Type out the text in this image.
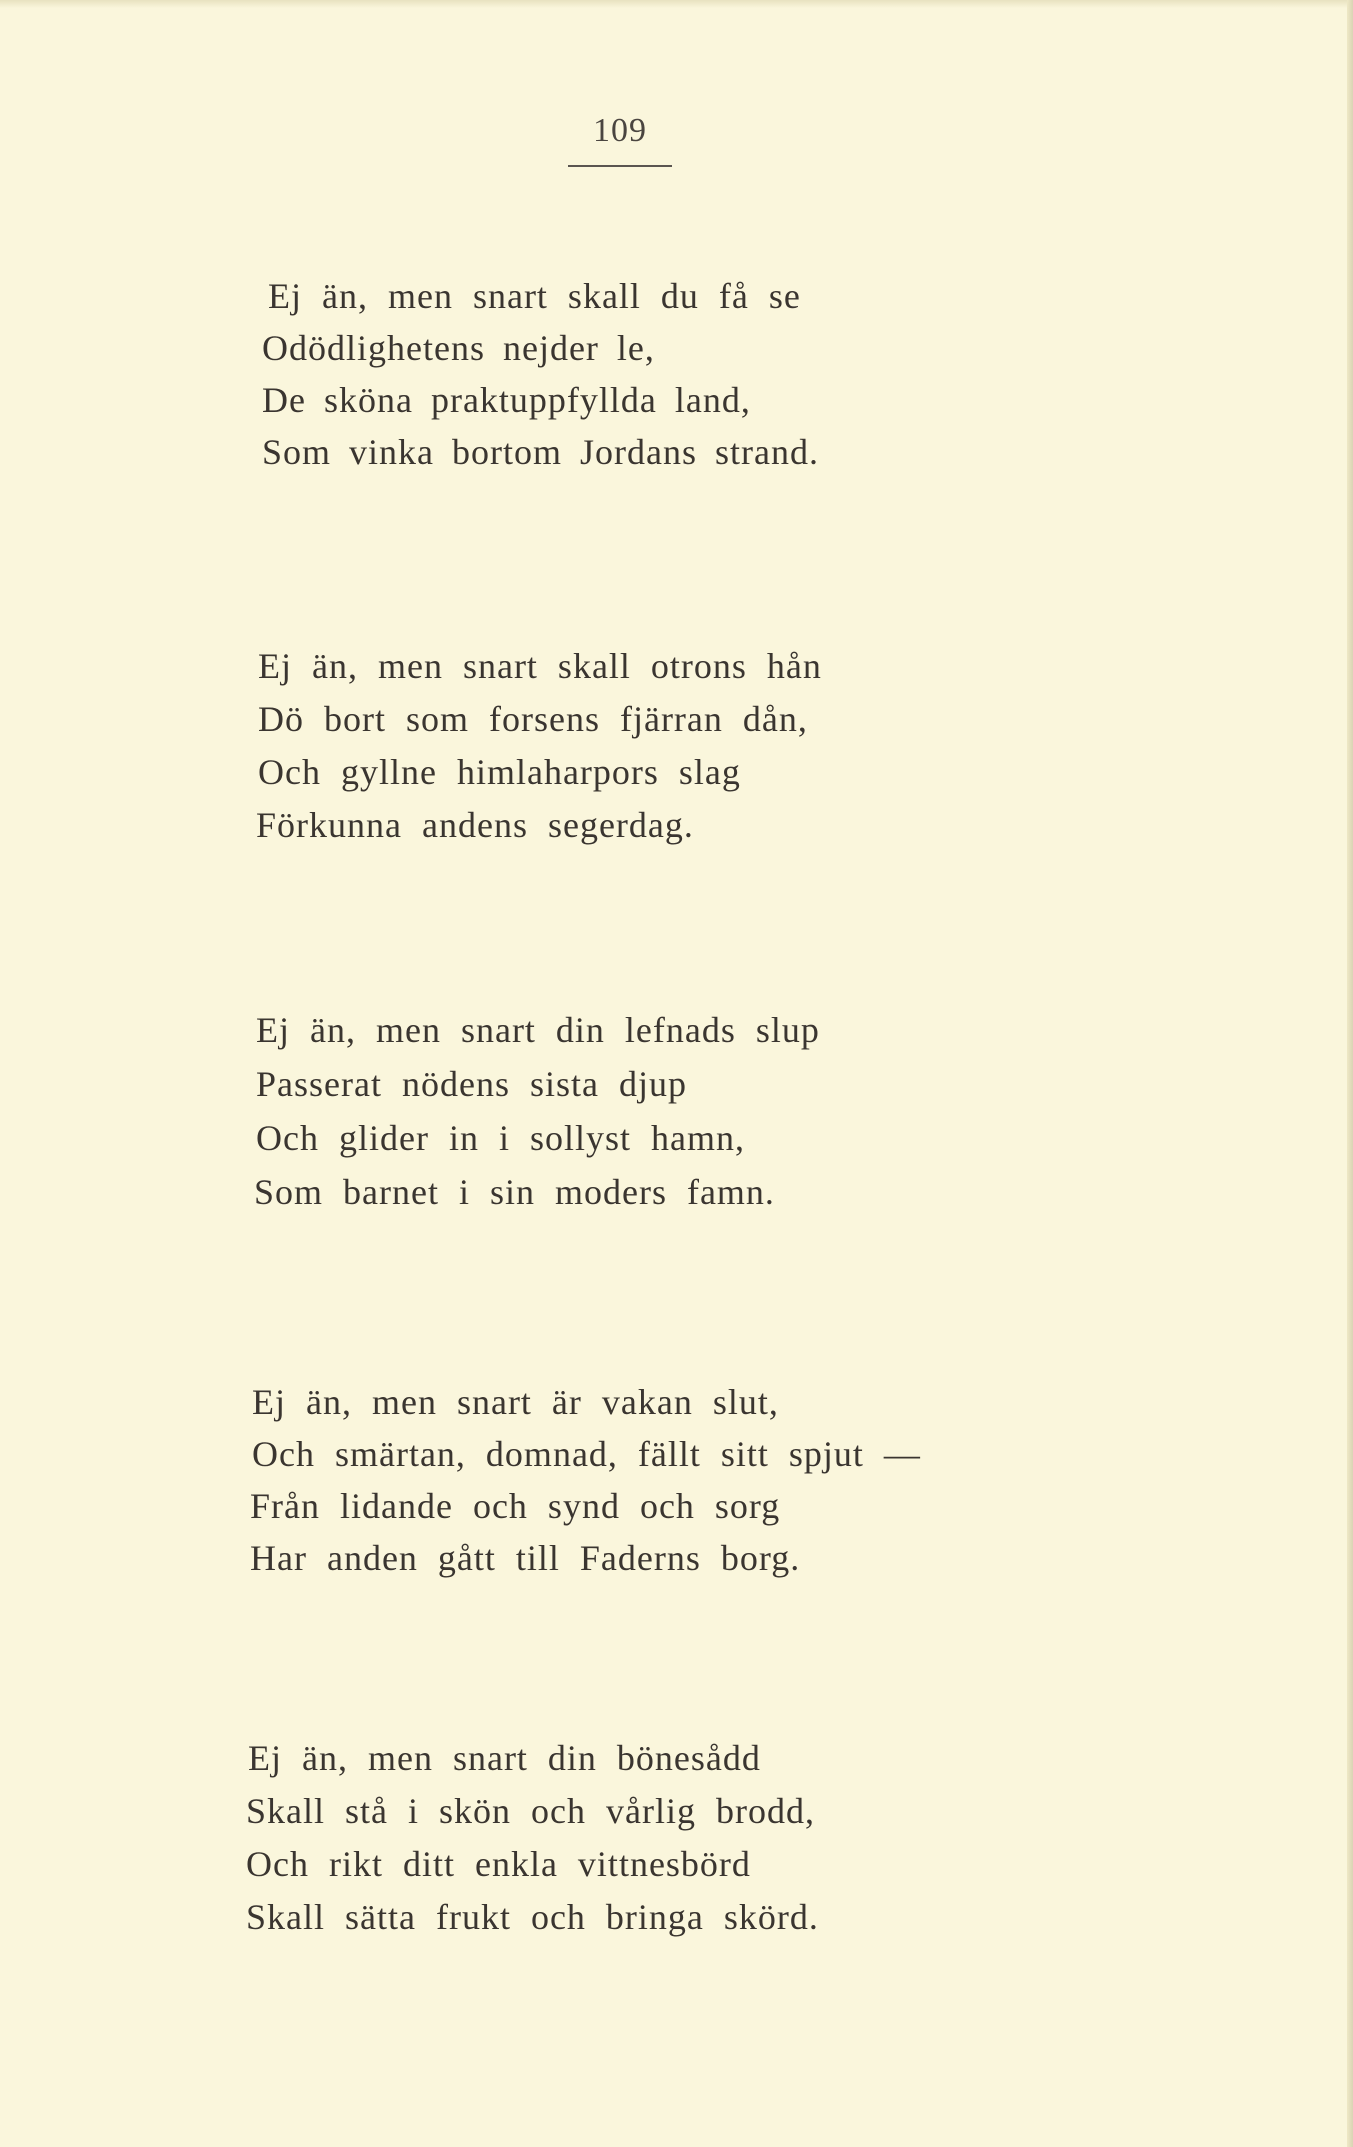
109
Ej än, men snart skall du få se
Odödlighetens nejder le,
De sköna praktuppfyllda land,
Som vinka bortom Jordans strand.
Ej än, men snart skall otrons hån
Dö bort som forsens fjärran dån,
Och gyllne himlaharpors slag
Förkunna andens segerdag.
Ej än, men snart din lefnads slup
Passerat nödens sista djup
Och glider in i sollyst hamn,
Som barnet i sin moders famn.
Ej än, men snart är vakan slut,
Och smärtan, domnad, fällt sitt spjut —
Från lidande och synd och sorg
Har anden gått till Faderns borg.
Ej än, men snart din bönesådd
Skall stå i skön och vårlig brodd,
Och rikt ditt enkla vittnesbörd
Skall sätta frukt och bringa skörd.
